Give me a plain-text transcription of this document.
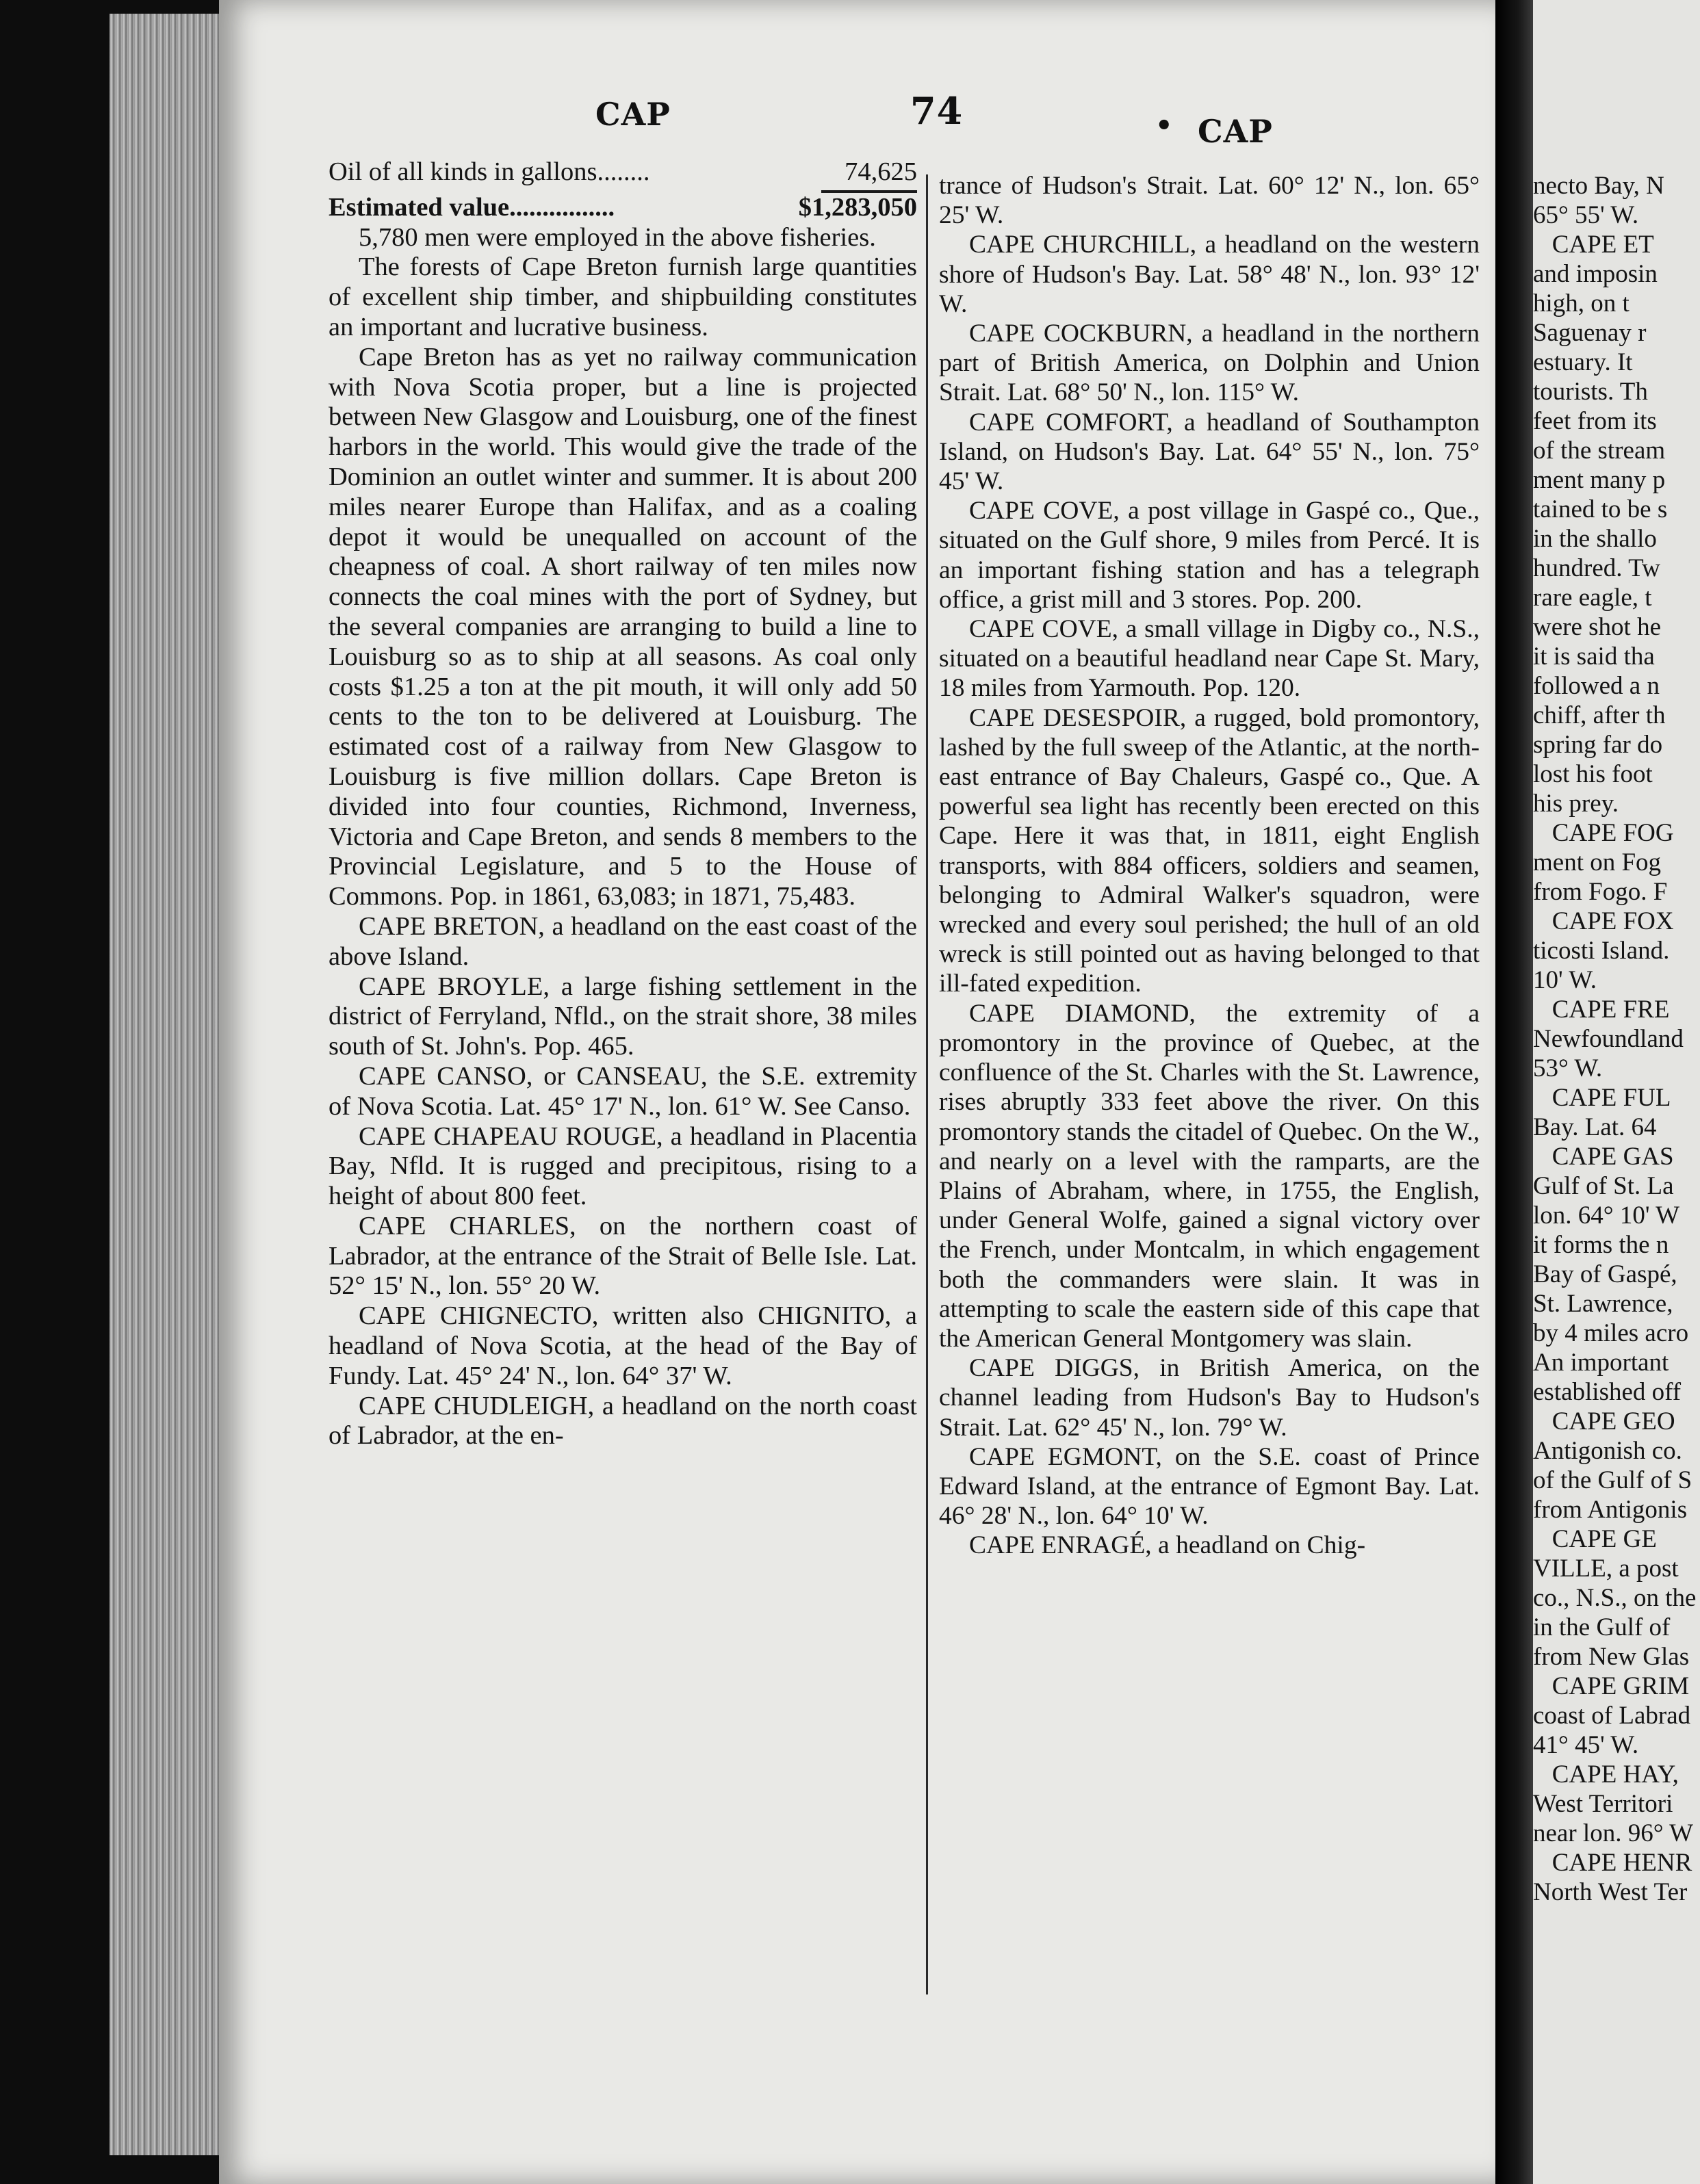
CAP	74	• CAP
Oil of all kinds in gallons........	74,625
Estimated value................	$1,283,050

5,780 men were employed in the above fisheries.

The forests of Cape Breton furnish large quantities of excellent ship timber, and shipbuilding constitutes an important and lucrative business.

Cape Breton has as yet no railway communication with Nova Scotia proper, but a line is projected between New Glasgow and Louisburg, one of the finest harbors in the world. This would give the trade of the Dominion an outlet winter and summer. It is about 200 miles nearer Europe than Halifax, and as a coaling depot it would be unequalled on account of the cheapness of coal. A short railway of ten miles now connects the coal mines with the port of Sydney, but the several companies are arranging to build a line to Louisburg so as to ship at all seasons. As coal only costs $1.25 a ton at the pit mouth, it will only add 50 cents to the ton to be delivered at Louisburg. The estimated cost of a railway from New Glasgow to Louisburg is five million dollars. Cape Breton is divided into four counties, Richmond, Inverness, Victoria and Cape Breton, and sends 8 members to the Provincial Legislature, and 5 to the House of Commons. Pop. in 1861, 63,083; in 1871, 75,483.

CAPE BRETON, a headland on the east coast of the above Island.

CAPE BROYLE, a large fishing settlement in the district of Ferryland, Nfld., on the strait shore, 38 miles south of St. John's. Pop. 465.

CAPE CANSO, or CANSEAU, the S.E. extremity of Nova Scotia. Lat. 45° 17' N., lon. 61° W. See Canso.

CAPE CHAPEAU ROUGE, a headland in Placentia Bay, Nfld. It is rugged and precipitous, rising to a height of about 800 feet.

CAPE CHARLES, on the northern coast of Labrador, at the entrance of the Strait of Belle Isle. Lat. 52° 15' N., lon. 55° 20 W.

CAPE CHIGNECTO, written also CHIGNITO, a headland of Nova Scotia, at the head of the Bay of Fundy. Lat. 45° 24' N., lon. 64° 37' W.

CAPE CHUDLEIGH, a headland on the north coast of Labrador, at the en-

trance of Hudson's Strait. Lat. 60° 12' N., lon. 65° 25' W.

CAPE CHURCHILL, a headland on the western shore of Hudson's Bay. Lat. 58° 48' N., lon. 93° 12' W.

CAPE COCKBURN, a headland in the northern part of British America, on Dolphin and Union Strait. Lat. 68° 50' N., lon. 115° W.

CAPE COMFORT, a headland of Southampton Island, on Hudson's Bay. Lat. 64° 55' N., lon. 75° 45' W.

CAPE COVE, a post village in Gaspé co., Que., situated on the Gulf shore, 9 miles from Percé. It is an important fishing station and has a telegraph office, a grist mill and 3 stores. Pop. 200.

CAPE COVE, a small village in Digby co., N.S., situated on a beautiful headland near Cape St. Mary, 18 miles from Yarmouth. Pop. 120.

CAPE DESESPOIR, a rugged, bold promontory, lashed by the full sweep of the Atlantic, at the north-east entrance of Bay Chaleurs, Gaspé co., Que. A powerful sea light has recently been erected on this Cape. Here it was that, in 1811, eight English transports, with 884 officers, soldiers and seamen, belonging to Admiral Walker's squadron, were wrecked and every soul perished; the hull of an old wreck is still pointed out as having belonged to that ill-fated expedition.

CAPE DIAMOND, the extremity of a promontory in the province of Quebec, at the confluence of the St. Charles with the St. Lawrence, rises abruptly 333 feet above the river. On this promontory stands the citadel of Quebec. On the W., and nearly on a level with the ramparts, are the Plains of Abraham, where, in 1755, the English, under General Wolfe, gained a signal victory over the French, under Montcalm, in which engagement both the commanders were slain. It was in attempting to scale the eastern side of this cape that the American General Montgomery was slain.

CAPE DIGGS, in British America, on the channel leading from Hudson's Bay to Hudson's Strait. Lat. 62° 45' N., lon. 79° W.

CAPE EGMONT, on the S.E. coast of Prince Edward Island, at the entrance of Egmont Bay. Lat. 46° 28' N., lon. 64° 10' W.

CAPE ENRAGÉ, a headland on Chig-

necto Bay, N
65° 55' W.
CAPE ET
and imposin
high, on t
Saguenay r
estuary. It
tourists. Th
feet from its
of the stream
ment many p
tained to be s
in the shallo
hundred. Tw
rare eagle, t
were shot he
it is said tha
followed a n
chiff, after th
spring far do
lost his foot
his prey.
CAPE FOG
ment on Fog
from Fogo. F
CAPE FOX
ticosti Island.
10' W.
CAPE FRE
Newfoundland
53° W.
CAPE FUL
Bay. Lat. 64
CAPE GAS
Gulf of St. La
lon. 64° 10' W
it forms the n
Bay of Gaspé,
St. Lawrence,
by 4 miles acro
An important
established off
CAPE GEO
Antigonish co.
of the Gulf of S
from Antigonis
CAPE GE
VILLE, a post
co., N.S., on the
in the Gulf of
from New Glas
CAPE GRIM
coast of Labrad
41° 45' W.
CAPE HAY,
West Territori
near lon. 96° W
CAPE HENR
North West Ter
